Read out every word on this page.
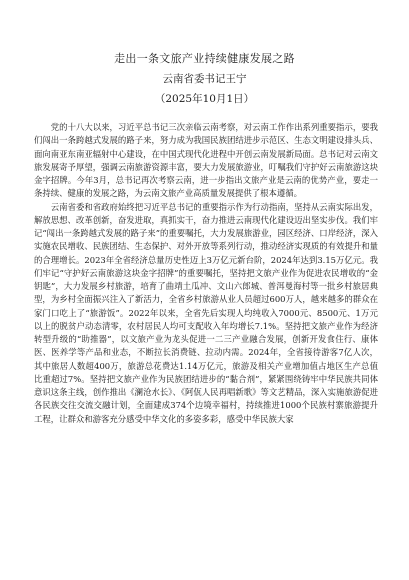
走出一条文旅产业持续健康发展之路
云南省委书记王宁
（2025年10月1日）

党的十八大以来，习近平总书记三次亲临云南考察，对云南工作作出系列重要指示，要我们闯出一条跨越式发展的路子来，努力成为我国民族团结进步示范区、生态文明建设排头兵、面向南亚东南亚辐射中心建设，在中国式现代化进程中开创云南发展新局面。总书记对云南文旅发展寄予厚望，强调云南旅游资源丰富，要大力发展旅游业，叮嘱我们守护好云南旅游这块金字招牌。今年3月，总书记再次考察云南，进一步指出文旅产业是云南的优势产业，要走一条持续、健康的发展之路，为云南文旅产业高质量发展提供了根本遵循。

云南省委和省政府始终把习近平总书记的重要指示作为行动指南，坚持从云南实际出发，解放思想、改革创新，奋发进取，真抓实干，奋力推进云南现代化建设迈出坚实步伐。我们牢记“闯出一条跨越式发展的路子来”的重要嘱托，大力发展旅游业，园区经济、口岸经济，深入实施农民增收、民族团结、生态保护、对外开放等系列行动，推动经济实现质的有效提升和量的合理增长。2023年全省经济总量历史性迈上3万亿元新台阶，2024年达到3.15万亿元。我们牢记“守护好云南旅游这块金字招牌”的重要嘱托，坚持把文旅产业作为促进农民增收的“金钥匙”，大力发展乡村旅游，培育了曲靖土瓜冲、文山六郎城、普洱曼海村等一批乡村旅居典型，为乡村全面振兴注入了新活力，全省乡村旅游从业人员超过600万人，越来越多的群众在家门口吃上了“旅游饭”。2022年以来，全省先后实现人均纯收入7000元、8500元、1万元以上的脱贫户动态清零，农村居民人均可支配收入年均增长7.1%。坚持把文旅产业作为经济转型升级的“助推器”，以文旅产业为龙头促进一二三产业融合发展，创新开发食住行、康体医、医养学等产品和业态，不断拉长消费链、拉动内需。2024年，全省接待游客7亿人次，其中旅居人数超400万，旅游总花费达1.14万亿元，旅游及相关产业增加值占地区生产总值比重超过7%。坚持把文旅产业作为民族团结进步的“黏合剂”，紧紧围绕铸牢中华民族共同体意识这条主线，创作推出《澜沧水长》、《阿佤人民再唱新歌》等文艺精品，深入实施旅游促进各民族交往交流交融计划，全面建成374个边境幸福村，持续推进1000个民族村寨旅游提升工程，让群众和游客充分感受中华文化的多姿多彩，感受中华民族大家
